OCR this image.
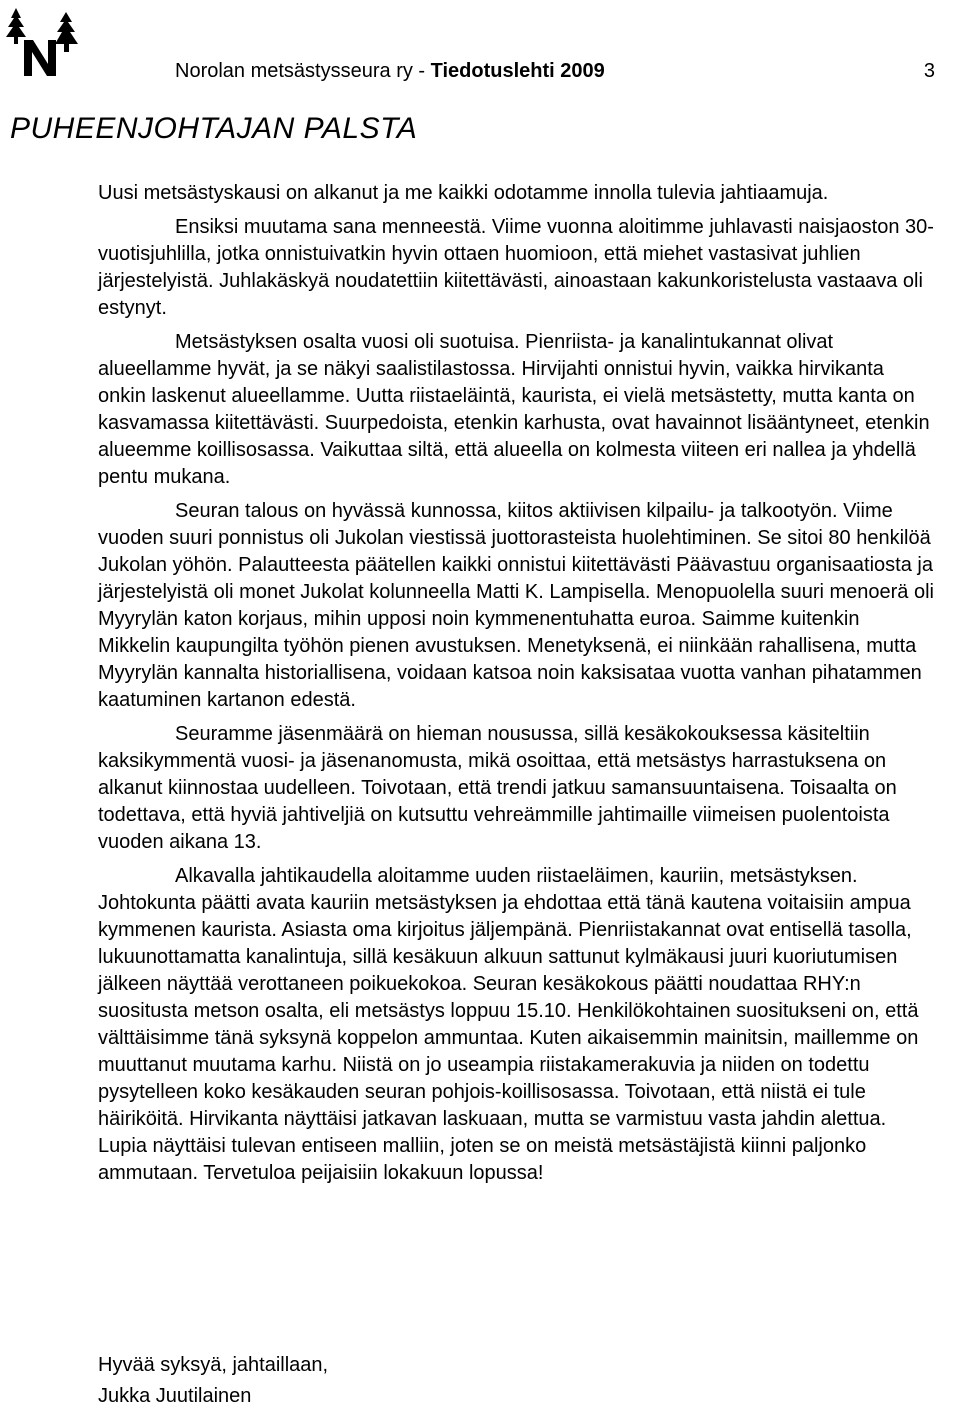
Norolan metsästysseura ry - Tiedotuslehti 2009	3
PUHEENJOHTAJAN PALSTA

Uusi metsästyskausi on alkanut ja me kaikki odotamme innolla tulevia jahtiaamuja.

Ensiksi muutama sana menneestä. Viime vuonna aloitimme juhlavasti naisjaoston 30-vuotisjuhlilla, jotka onnistuivatkin hyvin ottaen huomioon, että miehet vastasivat juhlien järjestelyistä. Juhlakäskyä noudatettiin kiitettävästi, ainoastaan kakunkoristelusta vastaava oli estynyt.

Metsästyksen osalta vuosi oli suotuisa. Pienriista- ja kanalintukannat olivat alueellamme hyvät, ja se näkyi saalistilastossa. Hirvijahti onnistui hyvin, vaikka hirvikanta onkin laskenut alueellamme. Uutta riistaeläintä, kaurista, ei vielä metsästetty, mutta kanta on kasvamassa kiitettävästi. Suurpedoista, etenkin karhusta, ovat havainnot lisääntyneet, etenkin alueemme koillisosassa. Vaikuttaa siltä, että alueella on kolmesta viiteen eri nallea ja yhdellä pentu mukana.

Seuran talous on hyvässä kunnossa, kiitos aktiivisen kilpailu- ja talkootyön. Viime vuoden suuri ponnistus oli Jukolan viestissä juottorasteista huolehtiminen. Se sitoi 80 henkilöä Jukolan yöhön. Palautteesta päätellen kaikki onnistui kiitettävästi Päävastuu organisaatiosta ja järjestelyistä oli monet Jukolat kolunneella Matti K. Lampisella. Menopuolella suuri menoerä oli Myyrylän katon korjaus, mihin upposi noin kymmenentuhatta euroa. Saimme kuitenkin Mikkelin kaupungilta työhön pienen avustuksen. Menetyksenä, ei niinkään rahallisena, mutta Myyrylän kannalta historiallisena, voidaan katsoa noin kaksisataa vuotta vanhan pihatammen kaatuminen kartanon edestä.

Seuramme jäsenmäärä on hieman nousussa, sillä kesäkokouksessa käsiteltiin kaksikymmentä vuosi- ja jäsenanomusta, mikä osoittaa, että metsästys harrastuksena on alkanut kiinnostaa uudelleen. Toivotaan, että trendi jatkuu samansuuntaisena. Toisaalta on todettava, että hyviä jahtiveljiä on kutsuttu vehreämmille jahtimaille viimeisen puolentoista vuoden aikana 13.

Alkavalla jahtikaudella aloitamme uuden riistaeläimen, kauriin, metsästyksen. Johtokunta päätti avata kauriin metsästyksen ja ehdottaa että tänä kautena voitaisiin ampua kymmenen kaurista. Asiasta oma kirjoitus jäljempänä. Pienriistakannat ovat entisellä tasolla, lukuunottamatta kanalintuja, sillä kesäkuun alkuun sattunut kylmäkausi juuri kuoriutumisen jälkeen näyttää verottaneen poikuekokoa. Seuran kesäkokous päätti noudattaa RHY:n suositusta metson osalta, eli metsästys loppuu 15.10. Henkilökohtainen suositukseni on, että välttäisimme tänä syksynä koppelon ammuntaa. Kuten aikaisemmin mainitsin, maillemme on muuttanut muutama karhu. Niistä on jo useampia riistakamerakuvia ja niiden on todettu pysytelleen koko kesäkauden seuran pohjois-koillisosassa. Toivotaan, että niistä ei tule häiriköitä. Hirvikanta näyttäisi jatkavan laskuaan, mutta se varmistuu vasta jahdin alettua. Lupia näyttäisi tulevan entiseen malliin, joten se on meistä metsästäjistä kiinni paljonko ammutaan. Tervetuloa peijaisiin lokakuun lopussa!

Hyvää syksyä, jahtaillaan,
Jukka Juutilainen
